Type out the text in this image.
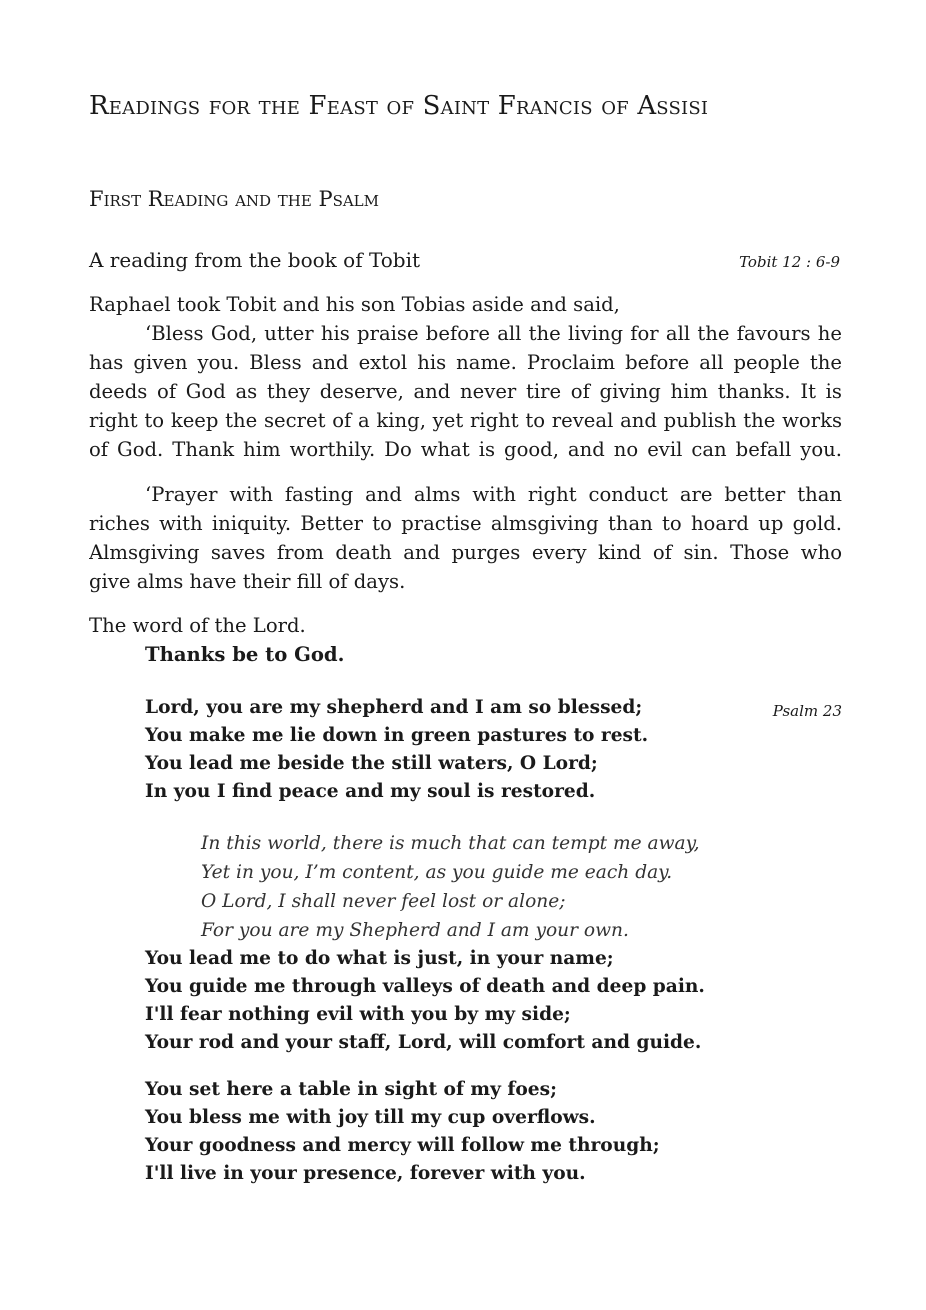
Readings for the Feast of Saint Francis of Assisi
First Reading and the Psalm
A reading from the book of Tobit	Tobit 12 : 6-9
Raphael took Tobit and his son Tobias aside and said,
‘Bless God, utter his praise before all the living for all the favours he
has given you. Bless and extol his name. Proclaim before all people the
deeds of God as they deserve, and never tire of giving him thanks. It is
right to keep the secret of a king, yet right to reveal and publish the works
of God. Thank him worthily. Do what is good, and no evil can befall you.
‘Prayer with fasting and alms with right conduct are better than
riches with iniquity. Better to practise almsgiving than to hoard up gold.
Almsgiving saves from death and purges every kind of sin. Those who
give alms have their fill of days.
The word of the Lord.
Thanks be to God.
Psalm 23
Lord, you are my shepherd and I am so blessed;
You make me lie down in green pastures to rest.
You lead me beside the still waters, O Lord;
In you I find peace and my soul is restored.
In this world, there is much that can tempt me away,
Yet in you, I’m content, as you guide me each day.
O Lord, I shall never feel lost or alone;
For you are my Shepherd and I am your own.
You lead me to do what is just, in your name;
You guide me through valleys of death and deep pain.
I'll fear nothing evil with you by my side;
Your rod and your staff, Lord, will comfort and guide.
You set here a table in sight of my foes;
You bless me with joy till my cup overflows.
Your goodness and mercy will follow me through;
I'll live in your presence, forever with you.
